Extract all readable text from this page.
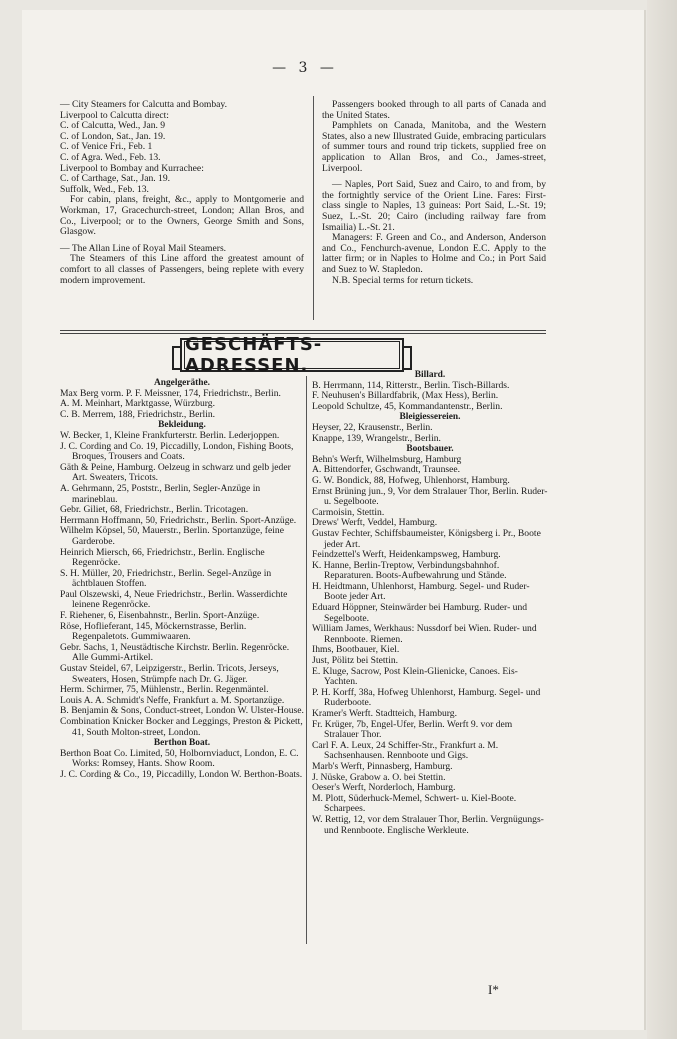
— 3 —

— City Steamers for Calcutta and Bombay.

Liverpool to Calcutta direct:

C. of Calcutta, Wed., Jan. 9

C. of London, Sat., Jan. 19.

C. of Venice Fri., Feb. 1

C. of Agra. Wed., Feb. 13.

Liverpool to Bombay and Kurrachee:

C. of Carthage, Sat., Jan. 19.

Suffolk, Wed., Feb. 13.

For cabin, plans, freight, &c., apply to Montgomerie and Workman, 17, Gracechurch-street, London; Allan Bros, and Co., Liverpool; or to the Owners, George Smith and Sons, Glasgow.

— The Allan Line of Royal Mail Steamers.

The Steamers of this Line afford the greatest amount of comfort to all classes of Passengers, being replete with every modern improvement.

Passengers booked through to all parts of Canada and the United States.

Pamphlets on Canada, Manitoba, and the Western States, also a new Illustrated Guide, embracing particulars of summer tours and round trip tickets, supplied free on application to Allan Bros, and Co., James-street, Liverpool.

— Naples, Port Said, Suez and Cairo, to and from, by the fortnightly service of the Orient Line. Fares: First-class single to Naples, 13 guineas: Port Said, L.-St. 19; Suez, L.-St. 20; Cairo (including railway fare from Ismailia) L.-St. 21.

Managers: F. Green and Co., and Anderson, Anderson and Co., Fenchurch-avenue, London E.C. Apply to the latter firm; or in Naples to Holme and Co.; in Port Said and Suez to W. Stapledon.

N.B. Special terms for return tickets.

GESCHÄFTS-ADRESSEN.

Angelgeräthe.

Max Berg vorm. P. F. Meissner, 174, Friedrichstr., Berlin.

A. M. Meinhart, Marktgasse, Würzburg.

C. B. Merrem, 188, Friedrichstr., Berlin.

Bekleidung.

W. Becker, 1, Kleine Frankfurterstr. Berlin. Lederjoppen.

J. C. Cording and Co. 19, Piccadilly, London, Fishing Boots, Broques, Trousers and Coats.

Gäth & Peine, Hamburg. Oelzeug in schwarz und gelb jeder Art. Sweaters, Tricots.

A. Gehrmann, 25, Poststr., Berlin, Segler-Anzüge in marineblau.

Gebr. Giliet, 68, Friedrichstr., Berlin. Tricotagen.

Herrmann Hoffmann, 50, Friedrichstr., Berlin. Sport-Anzüge.

Wilhelm Köpsel, 50, Mauerstr., Berlin. Sportanzüge, feine Garderobe.

Heinrich Miersch, 66, Friedrichstr., Berlin. Englische Regenröcke.

S. H. Müller, 20, Friedrichstr., Berlin. Segel-Anzüge in ächtblauen Stoffen.

Paul Olszewski, 4, Neue Friedrichstr., Berlin. Wasserdichte leinene Regenröcke.

F. Riehener, 6, Eisenbahnstr., Berlin. Sport-Anzüge.

Röse, Hoflieferant, 145, Möckernstrasse, Berlin. Regenpaletots. Gummiwaaren.

Gebr. Sachs, 1, Neustädtische Kirchstr. Berlin. Regenröcke. Alle Gummi-Artikel.

Gustav Steidel, 67, Leipzigerstr., Berlin. Tricots, Jerseys, Sweaters, Hosen, Strümpfe nach Dr. G. Jäger.

Herm. Schirmer, 75, Mühlenstr., Berlin. Regenmäntel.

Louis A. A. Schmidt's Neffe, Frankfurt a. M. Sportanzüge.

B. Benjamin & Sons, Conduct-street, London W. Ulster-House.

Combination Knicker Bocker and Leggings, Preston & Pickett, 41, South Molton-street, London.

Berthon Boat.

Berthon Boat Co. Limited, 50, Holbornviaduct, London, E. C. Works: Romsey, Hants. Show Room.

J. C. Cording & Co., 19, Piccadilly, London W. Berthon-Boats.

Billard.

B. Herrmann, 114, Ritterstr., Berlin. Tisch-Billards.

F. Neuhusen's Billardfabrik, (Max Hess), Berlin.

Leopold Schultze, 45, Kommandantenstr., Berlin.

Bleigiessereien.

Heyser, 22, Krausenstr., Berlin.

Knappe, 139, Wrangelstr., Berlin.

Bootsbauer.

Behn's Werft, Wilhelmsburg, Hamburg

A. Bittendorfer, Gschwandt, Traunsee.

G. W. Bondick, 88, Hofweg, Uhlenhorst, Hamburg.

Ernst Brüning jun., 9, Vor dem Stralauer Thor, Berlin. Ruder- u. Segelboote.

Carmoisin, Stettin.

Drews' Werft, Veddel, Hamburg.

Gustav Fechter, Schiffsbaumeister, Königsberg i. Pr., Boote jeder Art.

Feindzettel's Werft, Heidenkampsweg, Hamburg.

K. Hanne, Berlin-Treptow, Verbindungsbahnhof. Reparaturen. Boots-Aufbewahrung und Stände.

H. Heidtmann, Uhlenhorst, Hamburg. Segel- und Ruder-Boote jeder Art.

Eduard Höppner, Steinwärder bei Hamburg. Ruder- und Segelboote.

William James, Werkhaus: Nussdorf bei Wien. Ruder- und Rennboote. Riemen.

Ihms, Bootbauer, Kiel.

Just, Pölitz bei Stettin.

E. Kluge, Sacrow, Post Klein-Glienicke, Canoes. Eis-Yachten.

P. H. Korff, 38a, Hofweg Uhlenhorst, Hamburg. Segel- und Ruderboote.

Kramer's Werft. Stadtteich, Hamburg.

Fr. Krüger, 7b, Engel-Ufer, Berlin. Werft 9. vor dem Stralauer Thor.

Carl F. A. Leux, 24 Schiffer-Str., Frankfurt a. M. Sachsenhausen. Rennboote und Gigs.

Marb's Werft, Pinnasberg, Hamburg.

J. Nüske, Grabow a. O. bei Stettin.

Oeser's Werft, Norderloch, Hamburg.

M. Plott, Süderhuck-Memel, Schwert- u. Kiel-Boote. Scharpees.

W. Rettig, 12, vor dem Stralauer Thor, Berlin. Vergnügungs- und Rennboote. Englische Werkleute.

I*
